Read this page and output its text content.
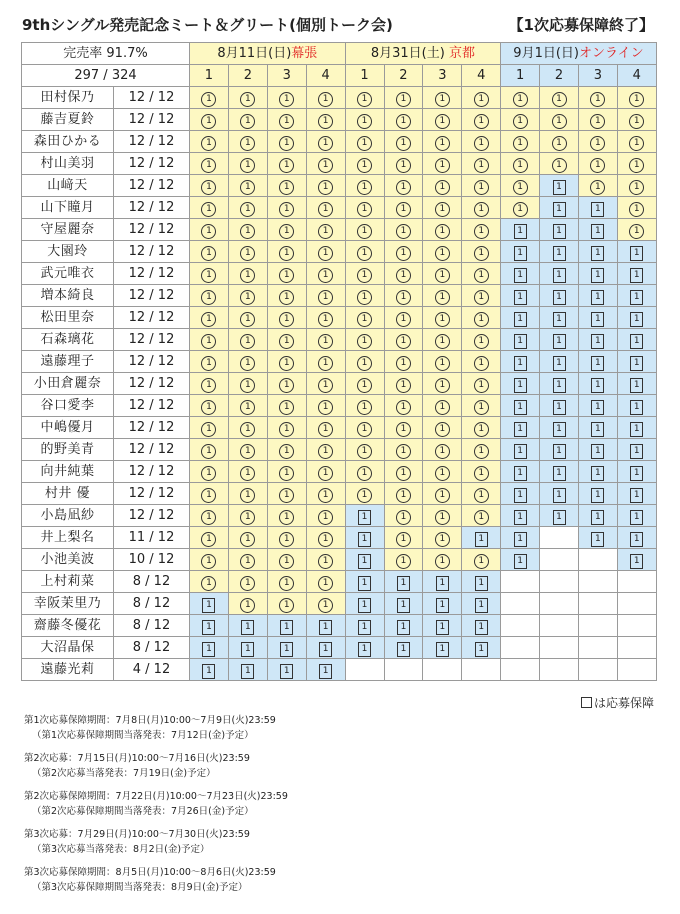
9thシングル発売記念ミート＆グリート(個別トーク会)	【1次応募保障終了】
完売率 91.7%		8月11日(日)幕張				8月31日(土) 京都				9月1日(日)オンライン			
297 / 324		1	2	3	4	1	2	3	4	1	2	3	4
田村保乃	12 / 12	1	1	1	1	1	1	1	1	1	1	1	1
藤吉夏鈴	12 / 12	1	1	1	1	1	1	1	1	1	1	1	1
森田ひかる	12 / 12	1	1	1	1	1	1	1	1	1	1	1	1
村山美羽	12 / 12	1	1	1	1	1	1	1	1	1	1	1	1
山﨑天	12 / 12	1	1	1	1	1	1	1	1	1	1	1	1
山下瞳月	12 / 12	1	1	1	1	1	1	1	1	1	1	1	1
守屋麗奈	12 / 12	1	1	1	1	1	1	1	1	1	1	1	1
大園玲	12 / 12	1	1	1	1	1	1	1	1	1	1	1	1
武元唯衣	12 / 12	1	1	1	1	1	1	1	1	1	1	1	1
増本綺良	12 / 12	1	1	1	1	1	1	1	1	1	1	1	1
松田里奈	12 / 12	1	1	1	1	1	1	1	1	1	1	1	1
石森璃花	12 / 12	1	1	1	1	1	1	1	1	1	1	1	1
遠藤理子	12 / 12	1	1	1	1	1	1	1	1	1	1	1	1
小田倉麗奈	12 / 12	1	1	1	1	1	1	1	1	1	1	1	1
谷口愛李	12 / 12	1	1	1	1	1	1	1	1	1	1	1	1
中嶋優月	12 / 12	1	1	1	1	1	1	1	1	1	1	1	1
的野美青	12 / 12	1	1	1	1	1	1	1	1	1	1	1	1
向井純葉	12 / 12	1	1	1	1	1	1	1	1	1	1	1	1
村井 優	12 / 12	1	1	1	1	1	1	1	1	1	1	1	1
小島凪紗	12 / 12	1	1	1	1	1	1	1	1	1	1	1	1
井上梨名	11 / 12	1	1	1	1	1	1	1	1	1		1	1
小池美波	10 / 12	1	1	1	1	1	1	1	1	1			1
上村莉菜	8 / 12	1	1	1	1	1	1	1	1				
幸阪茉里乃	8 / 12	1	1	1	1	1	1	1	1				
齋藤冬優花	8 / 12	1	1	1	1	1	1	1	1				
大沼晶保	8 / 12	1	1	1	1	1	1	1	1				
遠藤光莉	4 / 12	1	1	1	1								
は応募保障
第1次応募保障期間：7月8日(月)10:00〜7月9日(火)23:59
（第1次応募保障期間当落発表：7月12日(金)予定）
第2次応募：7月15日(月)10:00〜7月16日(火)23:59
（第2次応募当落発表：7月19日(金)予定）
第2次応募保障期間：7月22日(月)10:00〜7月23日(火)23:59
（第2次応募保障期間当落発表：7月26日(金)予定）
第3次応募：7月29日(月)10:00〜7月30日(火)23:59
（第3次応募当落発表：8月2日(金)予定）
第3次応募保障期間：8月5日(月)10:00〜8月6日(火)23:59
（第3次応募保障期間当落発表：8月9日(金)予定）
